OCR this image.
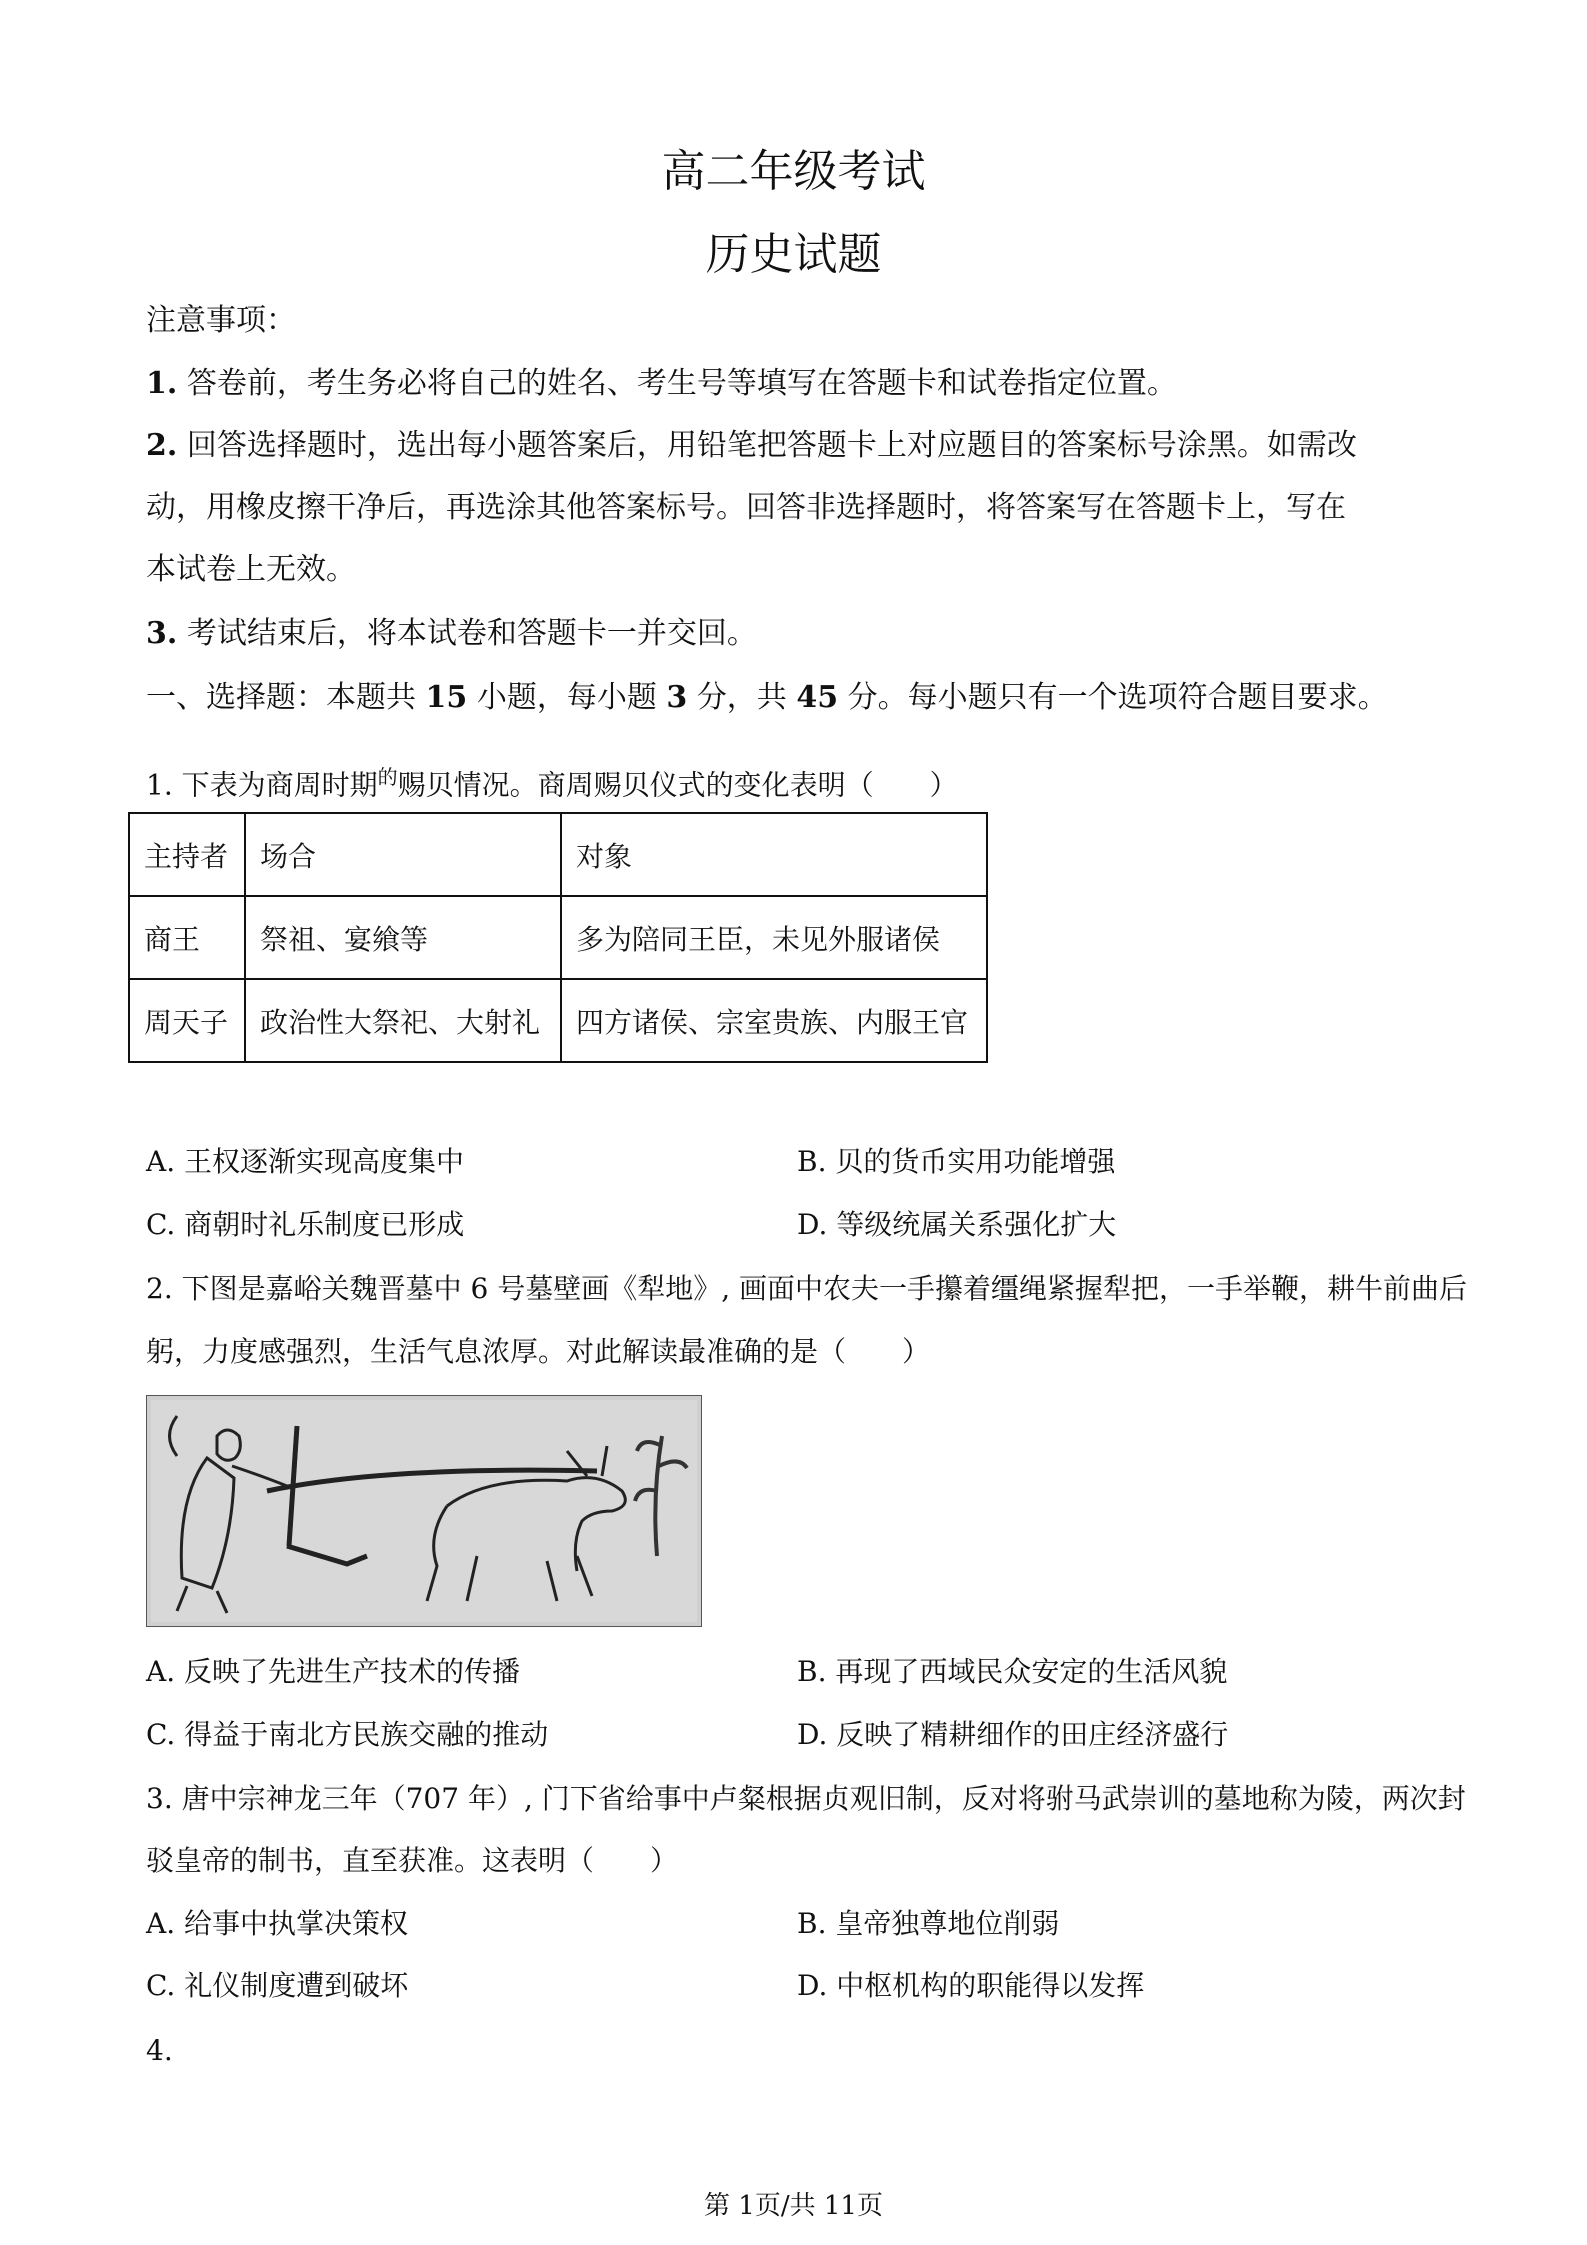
高二年级考试
历史试题
注意事项：
1. 答卷前，考生务必将自己的姓名、考生号等填写在答题卡和试卷指定位置。
2. 回答选择题时，选出每小题答案后，用铅笔把答题卡上对应题目的答案标号涂黑。如需改
动，用橡皮擦干净后，再选涂其他答案标号。回答非选择题时，将答案写在答题卡上，写在
本试卷上无效。
3. 考试结束后，将本试卷和答题卡一并交回。
一、选择题：本题共 15 小题，每小题 3 分，共 45 分。每小题只有一个选项符合题目要求。
1. 下表为商周时期$^的$赐贝情况。商周赐贝仪式的变化表明（　　）
主持者	场合	对象
商王	祭祖、宴飨等	多为陪同王臣，未见外服诸侯
周天子	政治性大祭祀、大射礼	四方诸侯、宗室贵族、内服王官
A. 王权逐渐实现高度集中	B. 贝的货币实用功能增强
C. 商朝时礼乐制度已形成	D. 等级统属关系强化扩大
2. 下图是嘉峪关魏晋墓中 6 号墓壁画《犁地》, 画面中农夫一手攥着缰绳紧握犁把，一手举鞭，耕牛前曲后
躬，力度感强烈，生活气息浓厚。对此解读最准确的是（　　）
A. 反映了先进生产技术的传播	B. 再现了西域民众安定的生活风貌
C. 得益于南北方民族交融的推动	D. 反映了精耕细作的田庄经济盛行
3. 唐中宗神龙三年（707 年）, 门下省给事中卢粲根据贞观旧制，反对将驸马武崇训的墓地称为陵，两次封
驳皇帝的制书，直至获准。这表明（　　）
A. 给事中执掌决策权	B. 皇帝独尊地位削弱
C. 礼仪制度遭到破坏	D. 中枢机构的职能得以发挥
4.
第 1页/共 11页
